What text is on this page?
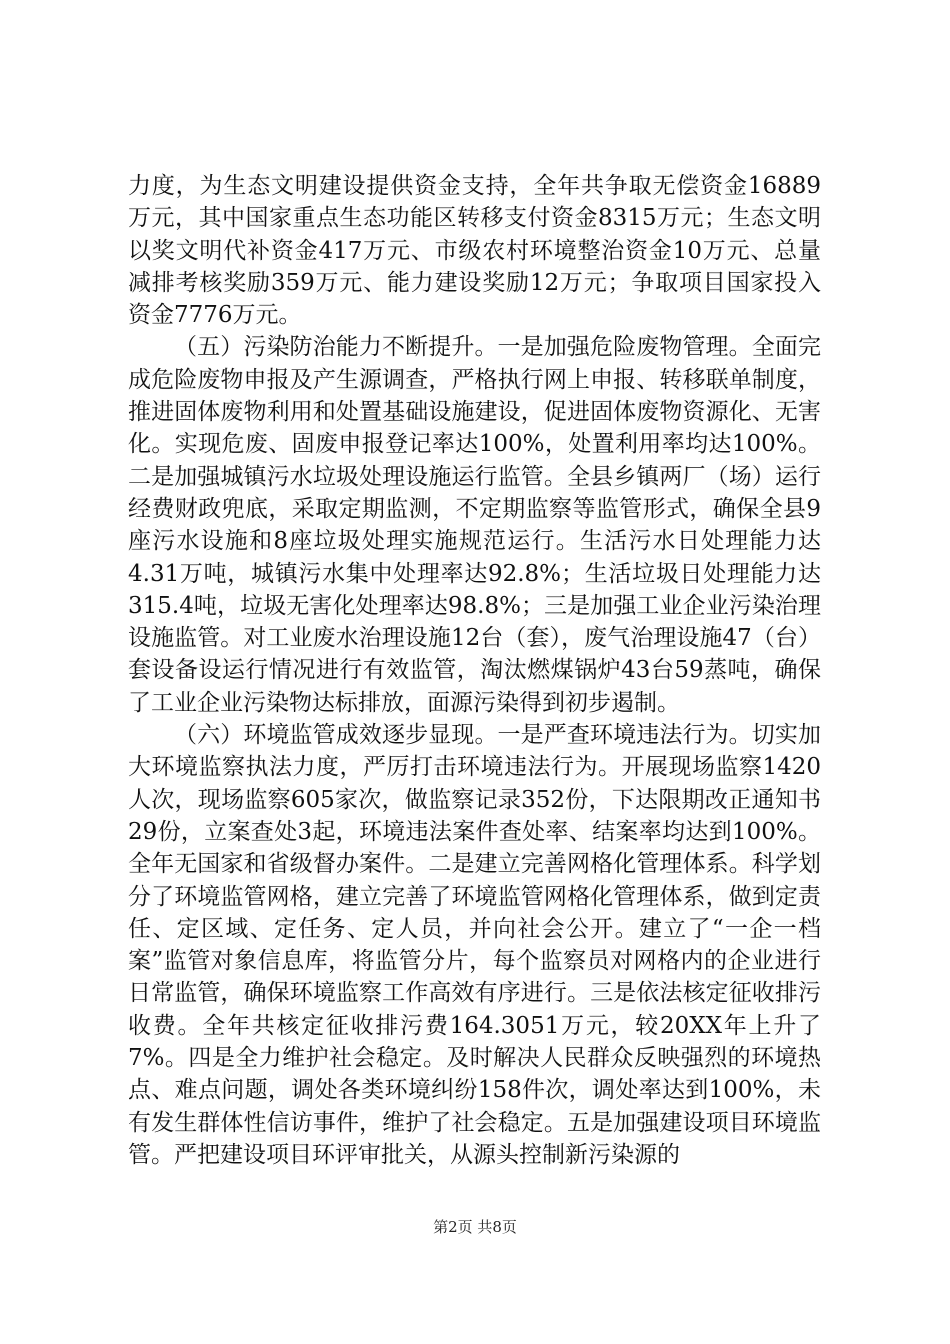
力度，为生态文明建设提供资金支持，全年共争取无偿资金16889万元，其中国家重点生态功能区转移支付资金8315万元；生态文明以奖文明代补资金417万元、市级农村环境整治资金10万元、总量减排考核奖励359万元、能力建设奖励12万元；争取项目国家投入资金7776万元。

（五）污染防治能力不断提升。一是加强危险废物管理。全面完成危险废物申报及产生源调查，严格执行网上申报、转移联单制度，推进固体废物利用和处置基础设施建设，促进固体废物资源化、无害化。实现危废、固废申报登记率达100%，处置利用率均达100%。二是加强城镇污水垃圾处理设施运行监管。全县乡镇两厂（场）运行经费财政兜底，采取定期监测，不定期监察等监管形式，确保全县9座污水设施和8座垃圾处理实施规范运行。生活污水日处理能力达4.31万吨，城镇污水集中处理率达92.8%；生活垃圾日处理能力达315.4吨，垃圾无害化处理率达98.8%；三是加强工业企业污染治理设施监管。对工业废水治理设施12台（套），废气治理设施47（台）套设备设运行情况进行有效监管，淘汰燃煤锅炉43台59蒸吨，确保了工业企业污染物达标排放，面源污染得到初步遏制。

（六）环境监管成效逐步显现。一是严查环境违法行为。切实加大环境监察执法力度，严厉打击环境违法行为。开展现场监察1420人次，现场监察605家次，做监察记录352份，下达限期改正通知书29份，立案查处3起，环境违法案件查处率、结案率均达到100%。全年无国家和省级督办案件。二是建立完善网格化管理体系。科学划分了环境监管网格，建立完善了环境监管网格化管理体系，做到定责任、定区域、定任务、定人员，并向社会公开。建立了“一企一档案”监管对象信息库，将监管分片，每个监察员对网格内的企业进行日常监管，确保环境监察工作高效有序进行。三是依法核定征收排污收费。全年共核定征收排污费164.3051万元，较20XX年上升了7%。四是全力维护社会稳定。及时解决人民群众反映强烈的环境热点、难点问题，调处各类环境纠纷158件次，调处率达到100%，未有发生群体性信访事件，维护了社会稳定。五是加强建设项目环境监管。严把建设项目环评审批关，从源头控制新污染源的

第2页 共8页
